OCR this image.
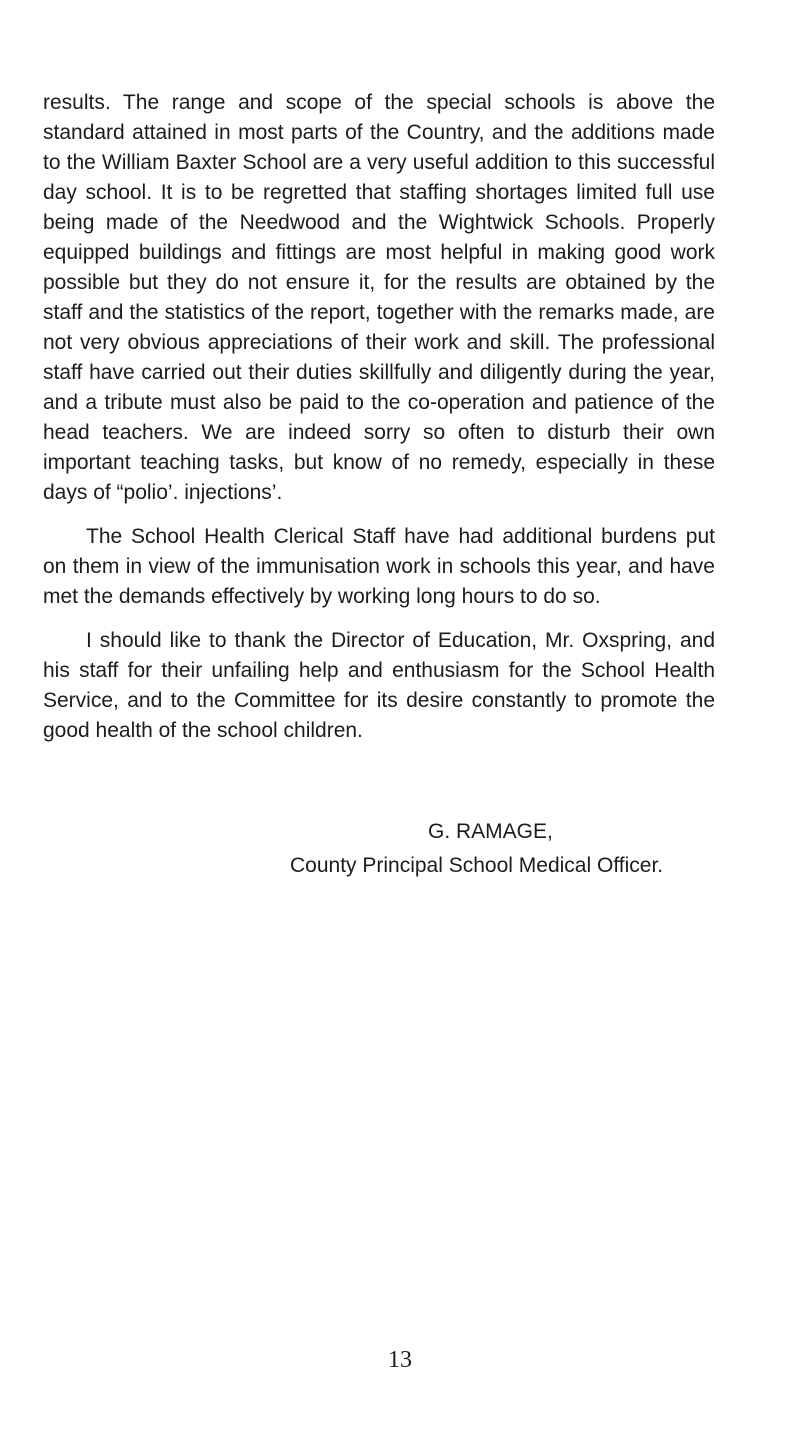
results. The range and scope of the special schools is above the standard attained in most parts of the Country, and the additions made to the William Baxter School are a very useful addition to this successful day school. It is to be regretted that staffing shortages limited full use being made of the Needwood and the Wightwick Schools. Properly equipped buildings and fittings are most helpful in making good work possible but they do not ensure it, for the results are obtained by the staff and the statistics of the report, together with the remarks made, are not very obvious appreciations of their work and skill. The professional staff have carried out their duties skillfully and diligently during the year, and a tribute must also be paid to the co-operation and patience of the head teachers. We are indeed sorry so often to disturb their own important teaching tasks, but know of no remedy, especially in these days of “polio’. injections’.

The School Health Clerical Staff have had additional burdens put on them in view of the immunisation work in schools this year, and have met the demands effectively by working long hours to do so.

I should like to thank the Director of Education, Mr. Oxspring, and his staff for their unfailing help and enthusiasm for the School Health Service, and to the Committee for its desire constantly to promote the good health of the school children.

G. RAMAGE,
County Principal School Medical Officer.
13
